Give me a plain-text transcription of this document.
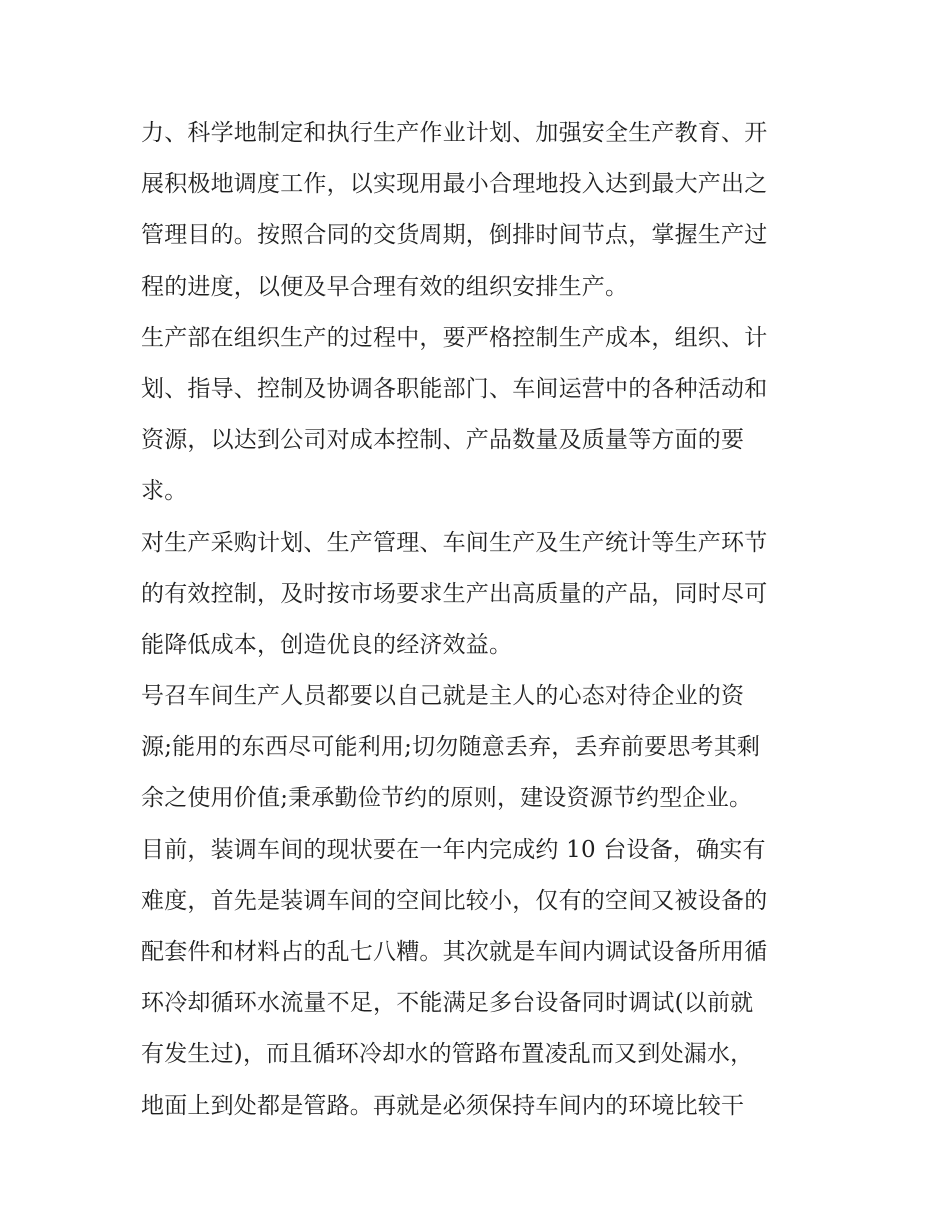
力、科学地制定和执行生产作业计划、加强安全生产教育、开
展积极地调度工作，以实现用最小合理地投入达到最大产出之
管理目的。按照合同的交货周期，倒排时间节点，掌握生产过
程的进度，以便及早合理有效的组织安排生产。
生产部在组织生产的过程中，要严格控制生产成本，组织、计
划、指导、控制及协调各职能部门、车间运营中的各种活动和
资源，以达到公司对成本控制、产品数量及质量等方面的要
求。
对生产采购计划、生产管理、车间生产及生产统计等生产环节
的有效控制，及时按市场要求生产出高质量的产品，同时尽可
能降低成本，创造优良的经济效益。
号召车间生产人员都要以自己就是主人的心态对待企业的资
源;能用的东西尽可能利用;切勿随意丢弃，丢弃前要思考其剩
余之使用价值;秉承勤俭节约的原则，建设资源节约型企业。
目前，装调车间的现状要在一年内完成约 10 台设备，确实有
难度，首先是装调车间的空间比较小，仅有的空间又被设备的
配套件和材料占的乱七八糟。其次就是车间内调试设备所用循
环冷却循环水流量不足，不能满足多台设备同时调试(以前就
有发生过)，而且循环冷却水的管路布置凌乱而又到处漏水，
地面上到处都是管路。再就是必须保持车间内的环境比较干
